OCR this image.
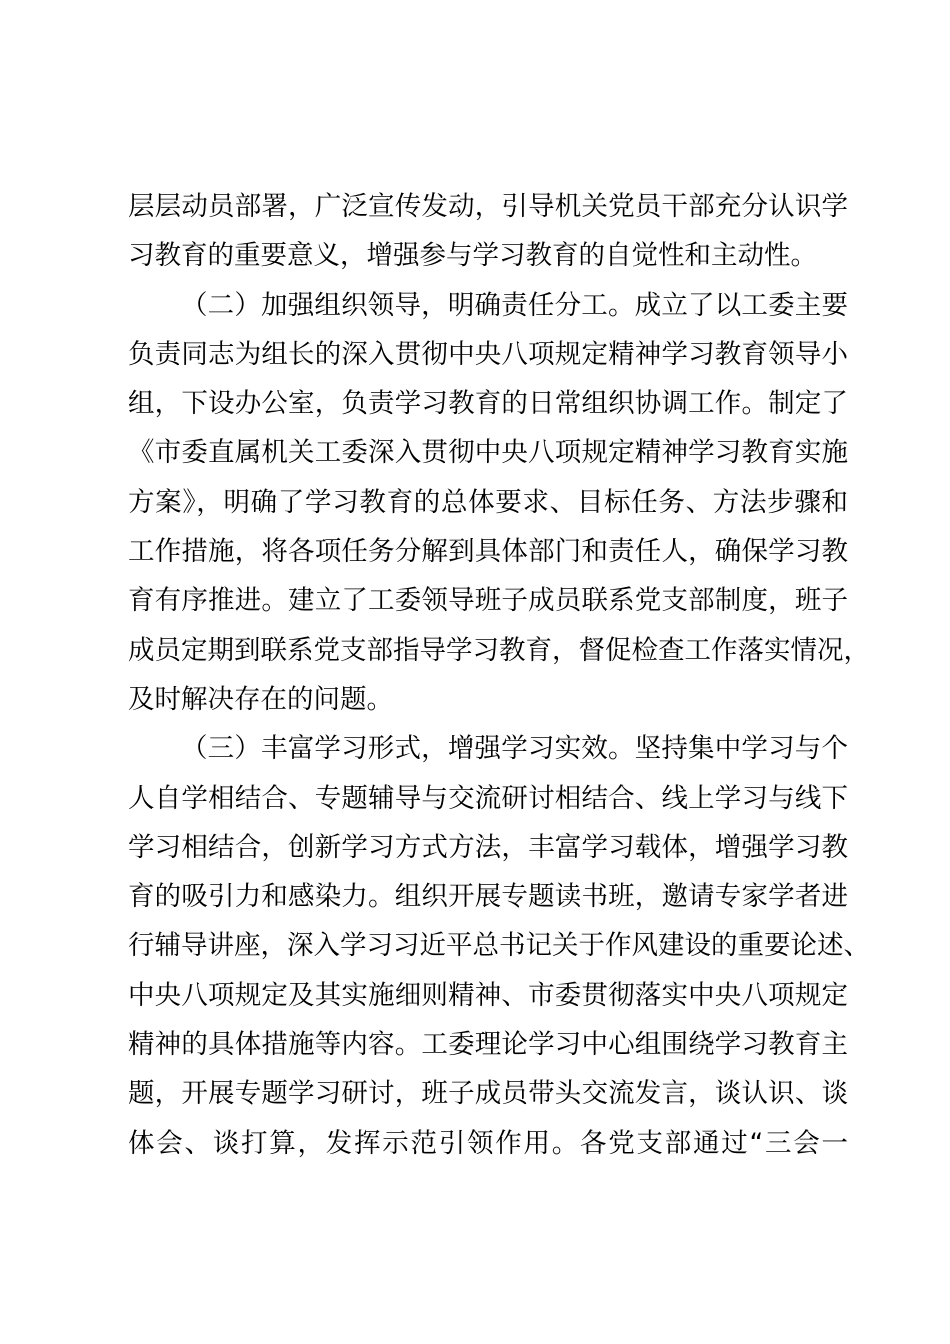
层层动员部署，广泛宣传发动，引导机关党员干部充分认识学
习教育的重要意义，增强参与学习教育的自觉性和主动性。
（二）加强组织领导，明确责任分工。成立了以工委主要
负责同志为组长的深入贯彻中央八项规定精神学习教育领导小
组，下设办公室，负责学习教育的日常组织协调工作。制定了
《市委直属机关工委深入贯彻中央八项规定精神学习教育实施
方案》，明确了学习教育的总体要求、目标任务、方法步骤和
工作措施，将各项任务分解到具体部门和责任人，确保学习教
育有序推进。建立了工委领导班子成员联系党支部制度，班子
成员定期到联系党支部指导学习教育，督促检查工作落实情况，
及时解决存在的问题。
（三）丰富学习形式，增强学习实效。坚持集中学习与个
人自学相结合、专题辅导与交流研讨相结合、线上学习与线下
学习相结合，创新学习方式方法，丰富学习载体，增强学习教
育的吸引力和感染力。组织开展专题读书班，邀请专家学者进
行辅导讲座，深入学习习近平总书记关于作风建设的重要论述、
中央八项规定及其实施细则精神、市委贯彻落实中央八项规定
精神的具体措施等内容。工委理论学习中心组围绕学习教育主
题，开展专题学习研讨，班子成员带头交流发言，谈认识、谈
体会、谈打算，发挥示范引领作用。各党支部通过“三会一
